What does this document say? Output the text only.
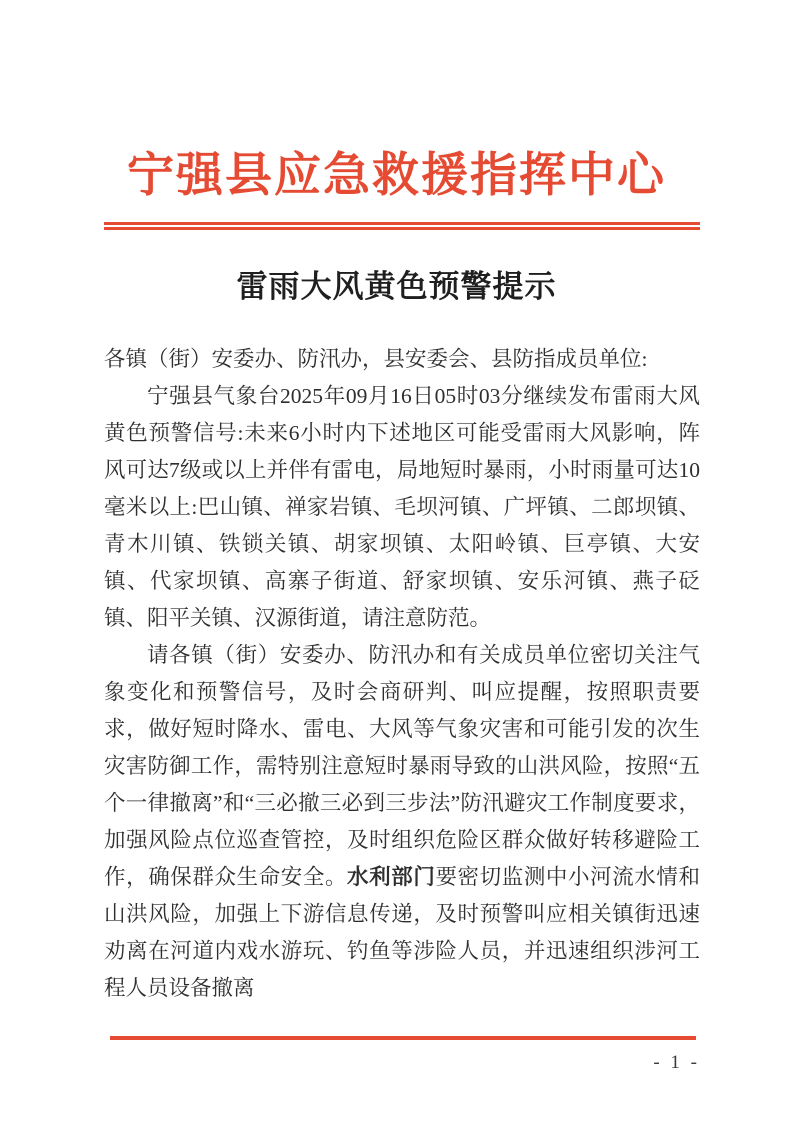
宁强县应急救援指挥中心
雷雨大风黄色预警提示

各镇（街）安委办、防汛办，县安委会、县防指成员单位:

宁强县气象台2025年09月16日05时03分继续发布雷雨大风黄色预警信号:未来6小时内下述地区可能受雷雨大风影响，阵风可达7级或以上并伴有雷电，局地短时暴雨，小时雨量可达10毫米以上:巴山镇、禅家岩镇、毛坝河镇、广坪镇、二郎坝镇、青木川镇、铁锁关镇、胡家坝镇、太阳岭镇、巨亭镇、大安镇、代家坝镇、高寨子街道、舒家坝镇、安乐河镇、燕子砭镇、阳平关镇、汉源街道，请注意防范。

请各镇（街）安委办、防汛办和有关成员单位密切关注气象变化和预警信号，及时会商研判、叫应提醒，按照职责要求，做好短时降水、雷电、大风等气象灾害和可能引发的次生灾害防御工作，需特别注意短时暴雨导致的山洪风险，按照“五个一律撤离”和“三必撤三必到三步法”防汛避灾工作制度要求，加强风险点位巡查管控，及时组织危险区群众做好转移避险工作，确保群众生命安全。水利部门要密切监测中小河流水情和山洪风险，加强上下游信息传递，及时预警叫应相关镇街迅速劝离在河道内戏水游玩、钓鱼等涉险人员，并迅速组织涉河工程人员设备撤离

- 1 -
